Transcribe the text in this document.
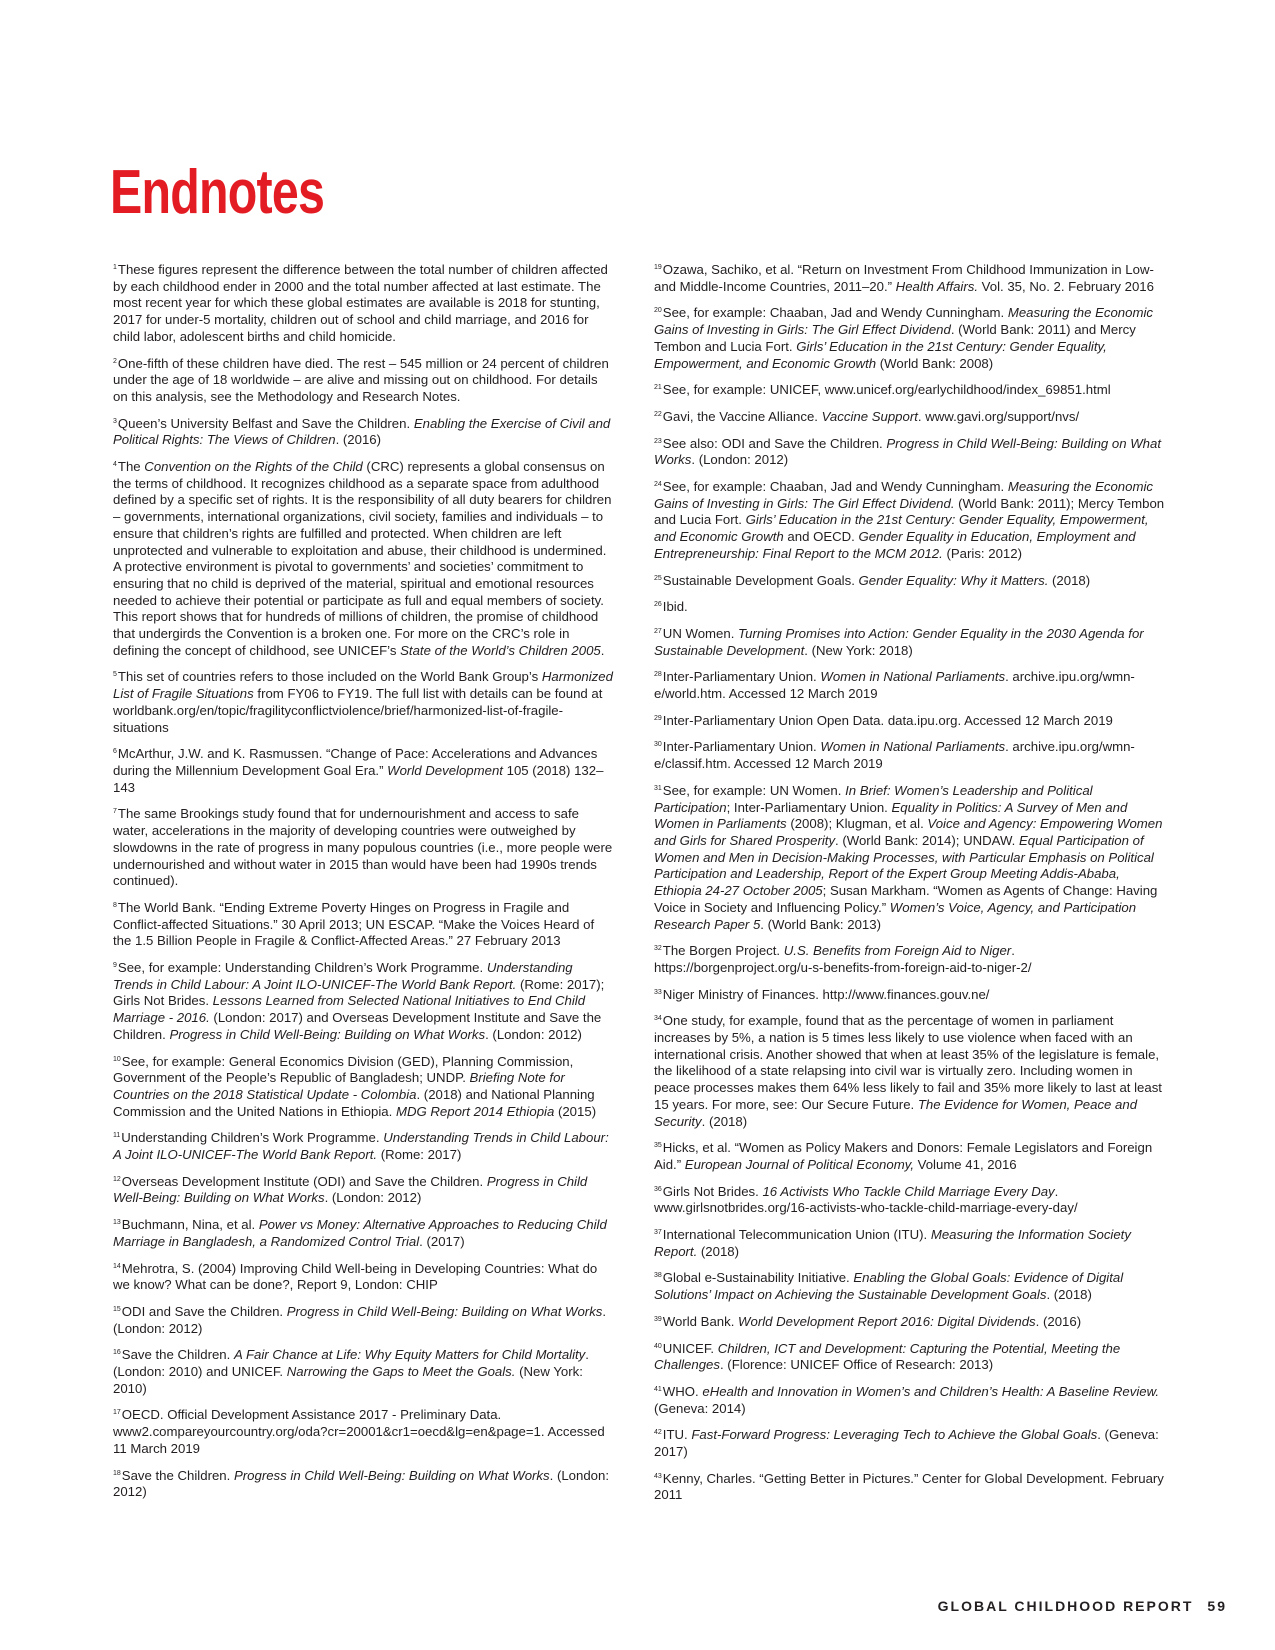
Endnotes

$^1$These figures represent the difference between the total number of children affected by each childhood ender in 2000 and the total number affected at last estimate. The most recent year for which these global estimates are available is 2018 for stunting, 2017 for under-5 mortality, children out of school and child marriage, and 2016 for child labor, adolescent births and child homicide.

$^2$One-fifth of these children have died. The rest – 545 million or 24 percent of children under the age of 18 worldwide – are alive and missing out on childhood. For details on this analysis, see the Methodology and Research Notes.

$^3$Queen’s University Belfast and Save the Children. Enabling the Exercise of Civil and Political Rights: The Views of Children. (2016)

$^4$The Convention on the Rights of the Child (CRC) represents a global consensus on the terms of childhood. It recognizes childhood as a separate space from adulthood defined by a specific set of rights. It is the responsibility of all duty bearers for children – governments, international organizations, civil society, families and individuals – to ensure that children’s rights are fulfilled and protected. When children are left unprotected and vulnerable to exploitation and abuse, their childhood is undermined. A protective environment is pivotal to governments’ and societies’ commitment to ensuring that no child is deprived of the material, spiritual and emotional resources needed to achieve their potential or participate as full and equal members of society. This report shows that for hundreds of millions of children, the promise of childhood that undergirds the Convention is a broken one. For more on the CRC’s role in defining the concept of childhood, see UNICEF’s State of the World’s Children 2005.

$^5$This set of countries refers to those included on the World Bank Group’s Harmonized List of Fragile Situations from FY06 to FY19. The full list with details can be found at worldbank.org/en/topic/fragilityconflictviolence/brief/harmonized-list-of-fragile-situations

$^6$McArthur, J.W. and K. Rasmussen. “Change of Pace: Accelerations and Advances during the Millennium Development Goal Era.” World Development 105 (2018) 132–143

$^7$The same Brookings study found that for undernourishment and access to safe water, accelerations in the majority of developing countries were outweighed by slowdowns in the rate of progress in many populous countries (i.e., more people were undernourished and without water in 2015 than would have been had 1990s trends continued).

$^8$The World Bank. “Ending Extreme Poverty Hinges on Progress in Fragile and Conflict-affected Situations.” 30 April 2013; UN ESCAP. “Make the Voices Heard of the 1.5 Billion People in Fragile & Conflict-Affected Areas.” 27 February 2013

$^9$See, for example: Understanding Children’s Work Programme. Understanding Trends in Child Labour: A Joint ILO-UNICEF-The World Bank Report. (Rome: 2017); Girls Not Brides. Lessons Learned from Selected National Initiatives to End Child Marriage - 2016. (London: 2017) and Overseas Development Institute and Save the Children. Progress in Child Well-Being: Building on What Works. (London: 2012)

$^{10}$See, for example: General Economics Division (GED), Planning Commission, Government of the People’s Republic of Bangladesh; UNDP. Briefing Note for Countries on the 2018 Statistical Update - Colombia. (2018) and National Planning Commission and the United Nations in Ethiopia. MDG Report 2014 Ethiopia (2015)

$^{11}$Understanding Children’s Work Programme. Understanding Trends in Child Labour: A Joint ILO-UNICEF-The World Bank Report. (Rome: 2017)

$^{12}$Overseas Development Institute (ODI) and Save the Children. Progress in Child Well-Being: Building on What Works. (London: 2012)

$^{13}$Buchmann, Nina, et al. Power vs Money: Alternative Approaches to Reducing Child Marriage in Bangladesh, a Randomized Control Trial. (2017)

$^{14}$Mehrotra, S. (2004) Improving Child Well-being in Developing Countries: What do we know? What can be done?, Report 9, London: CHIP

$^{15}$ODI and Save the Children. Progress in Child Well-Being: Building on What Works. (London: 2012)

$^{16}$Save the Children. A Fair Chance at Life: Why Equity Matters for Child Mortality. (London: 2010) and UNICEF. Narrowing the Gaps to Meet the Goals. (New York: 2010)

$^{17}$OECD. Official Development Assistance 2017 - Preliminary Data. www2.compareyourcountry.org/oda?cr=20001&cr1=oecd&lg=en&page=1. Accessed 11 March 2019

$^{18}$Save the Children. Progress in Child Well-Being: Building on What Works. (London: 2012)

$^{19}$Ozawa, Sachiko, et al. “Return on Investment From Childhood Immunization in Low- and Middle-Income Countries, 2011–20.” Health Affairs. Vol. 35, No. 2. February 2016

$^{20}$See, for example: Chaaban, Jad and Wendy Cunningham. Measuring the Economic Gains of Investing in Girls: The Girl Effect Dividend. (World Bank: 2011) and Mercy Tembon and Lucia Fort. Girls’ Education in the 21st Century: Gender Equality, Empowerment, and Economic Growth (World Bank: 2008)

$^{21}$See, for example: UNICEF, www.unicef.org/earlychildhood/index_69851.html

$^{22}$Gavi, the Vaccine Alliance. Vaccine Support. www.gavi.org/support/nvs/

$^{23}$See also: ODI and Save the Children. Progress in Child Well-Being: Building on What Works. (London: 2012)

$^{24}$See, for example: Chaaban, Jad and Wendy Cunningham. Measuring the Economic Gains of Investing in Girls: The Girl Effect Dividend. (World Bank: 2011); Mercy Tembon and Lucia Fort. Girls’ Education in the 21st Century: Gender Equality, Empowerment, and Economic Growth and OECD. Gender Equality in Education, Employment and Entrepreneurship: Final Report to the MCM 2012. (Paris: 2012)

$^{25}$Sustainable Development Goals. Gender Equality: Why it Matters. (2018)

$^{26}$Ibid.

$^{27}$UN Women. Turning Promises into Action: Gender Equality in the 2030 Agenda for Sustainable Development. (New York: 2018)

$^{28}$Inter-Parliamentary Union. Women in National Parliaments. archive.ipu.org/wmn-e/world.htm. Accessed 12 March 2019

$^{29}$Inter-Parliamentary Union Open Data. data.ipu.org. Accessed 12 March 2019

$^{30}$Inter-Parliamentary Union. Women in National Parliaments. archive.ipu.org/wmn-e/classif.htm. Accessed 12 March 2019

$^{31}$See, for example: UN Women. In Brief: Women’s Leadership and Political Participation; Inter-Parliamentary Union. Equality in Politics: A Survey of Men and Women in Parliaments (2008); Klugman, et al. Voice and Agency: Empowering Women and Girls for Shared Prosperity. (World Bank: 2014); UNDAW. Equal Participation of Women and Men in Decision-Making Processes, with Particular Emphasis on Political Participation and Leadership, Report of the Expert Group Meeting Addis-Ababa, Ethiopia 24-27 October 2005; Susan Markham. “Women as Agents of Change: Having Voice in Society and Influencing Policy.” Women’s Voice, Agency, and Participation Research Paper 5. (World Bank: 2013)

$^{32}$The Borgen Project. U.S. Benefits from Foreign Aid to Niger. https://borgenproject.org/u-s-benefits-from-foreign-aid-to-niger-2/

$^{33}$Niger Ministry of Finances. http://www.finances.gouv.ne/

$^{34}$One study, for example, found that as the percentage of women in parliament increases by 5%, a nation is 5 times less likely to use violence when faced with an international crisis. Another showed that when at least 35% of the legislature is female, the likelihood of a state relapsing into civil war is virtually zero. Including women in peace processes makes them 64% less likely to fail and 35% more likely to last at least 15 years. For more, see: Our Secure Future. The Evidence for Women, Peace and Security. (2018)

$^{35}$Hicks, et al. “Women as Policy Makers and Donors: Female Legislators and Foreign Aid.” European Journal of Political Economy, Volume 41, 2016

$^{36}$Girls Not Brides. 16 Activists Who Tackle Child Marriage Every Day. www.girlsnotbrides.org/16-activists-who-tackle-child-marriage-every-day/

$^{37}$International Telecommunication Union (ITU). Measuring the Information Society Report. (2018)

$^{38}$Global e-Sustainability Initiative. Enabling the Global Goals: Evidence of Digital Solutions’ Impact on Achieving the Sustainable Development Goals. (2018)

$^{39}$World Bank. World Development Report 2016: Digital Dividends. (2016)

$^{40}$UNICEF. Children, ICT and Development: Capturing the Potential, Meeting the Challenges. (Florence: UNICEF Office of Research: 2013)

$^{41}$WHO. eHealth and Innovation in Women’s and Children’s Health: A Baseline Review. (Geneva: 2014)

$^{42}$ITU. Fast-Forward Progress: Leveraging Tech to Achieve the Global Goals. (Geneva: 2017)

$^{43}$Kenny, Charles. “Getting Better in Pictures.” Center for Global Development. February 2011

GLOBAL CHILDHOOD REPORT 59
